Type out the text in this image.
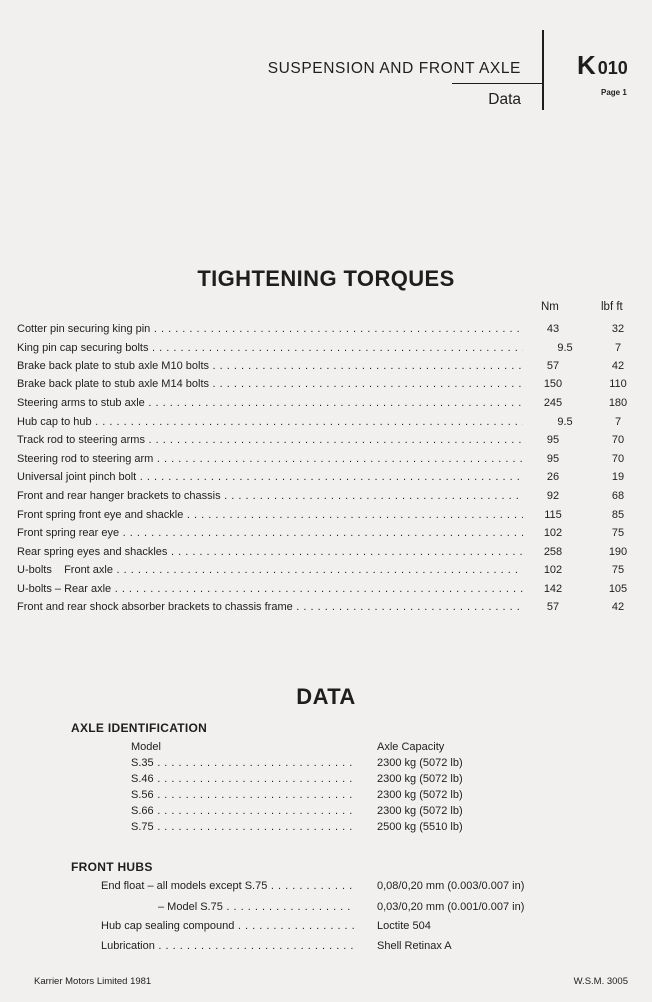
SUSPENSION AND FRONT AXLE
Data
K 010
Page 1
TIGHTENING TORQUES
Nm	lbf ft
Cotter pin securing king pin . . .	43	32
King pin cap securing bolts . . .	9.5	7
Brake back plate to stub axle M10 bolts . . .	57	42
Brake back plate to stub axle M14 bolts . . .	150	110
Steering arms to stub axle . . .	245	180
Hub cap to hub . . .	9.5	7
Track rod to steering arms . . .	95	70
Steering rod to steering arm . . .	95	70
Universal joint pinch bolt . . .	26	19
Front and rear hanger brackets to chassis . . .	92	68
Front spring front eye and shackle . . .	115	85
Front spring rear eye . . .	102	75
Rear spring eyes and shackles . . .	258	190
U-bolts    Front axle . . .	102	75
U-bolts – Rear axle . . .	142	105
Front and rear shock absorber brackets to chassis frame . . .	57	42
DATA
AXLE IDENTIFICATION
Model	Axle Capacity
S.35 . . .	2300 kg (5072 lb)
S.46 . . .	2300 kg (5072 lb)
S.56 . . .	2300 kg (5072 lb)
S.66 . . .	2300 kg (5072 lb)
S.75 . . .	2500 kg (5510 lb)
FRONT HUBS
End float – all models except S.75 . . .	0,08/0,20 mm (0.003/0.007 in)
– Model S.75 . . .	0,03/0,20 mm (0.001/0.007 in)
Hub cap sealing compound . . .	Loctite 504
Lubrication . . .	Shell Retinax A
Karrier Motors Limited 1981	W.S.M. 3005
